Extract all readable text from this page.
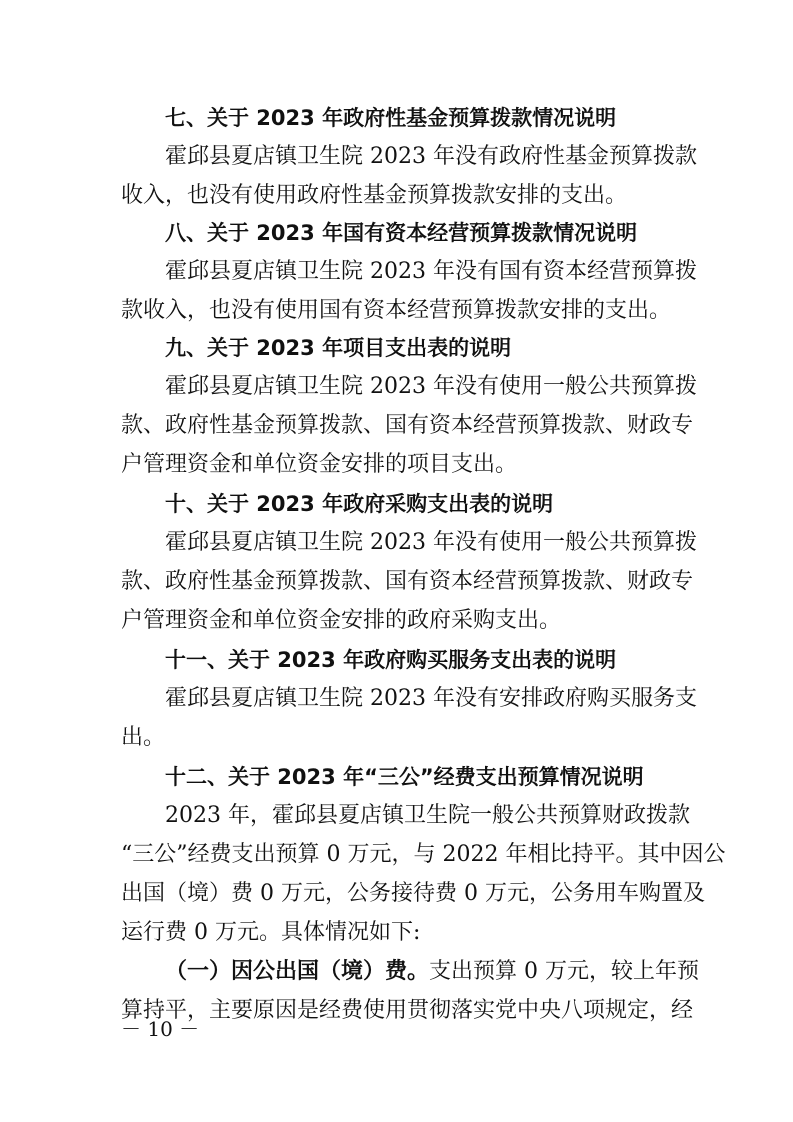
七、关于 2023 年政府性基金预算拨款情况说明

霍邱县夏店镇卫生院 2023 年没有政府性基金预算拨款

收入，也没有使用政府性基金预算拨款安排的支出。

八、关于 2023 年国有资本经营预算拨款情况说明

霍邱县夏店镇卫生院 2023 年没有国有资本经营预算拨

款收入，也没有使用国有资本经营预算拨款安排的支出。

九、关于 2023 年项目支出表的说明

霍邱县夏店镇卫生院 2023 年没有使用一般公共预算拨

款、政府性基金预算拨款、国有资本经营预算拨款、财政专

户管理资金和单位资金安排的项目支出。

十、关于 2023 年政府采购支出表的说明

霍邱县夏店镇卫生院 2023 年没有使用一般公共预算拨

款、政府性基金预算拨款、国有资本经营预算拨款、财政专

户管理资金和单位资金安排的政府采购支出。

十一、关于 2023 年政府购买服务支出表的说明

霍邱县夏店镇卫生院 2023 年没有安排政府购买服务支

出。

十二、关于 2023 年“三公”经费支出预算情况说明

2023 年，霍邱县夏店镇卫生院一般公共预算财政拨款

“三公”经费支出预算 0 万元，与 2022 年相比持平。其中因公

出国（境）费 0 万元，公务接待费 0 万元，公务用车购置及

运行费 0 万元。具体情况如下:

（一）因公出国（境）费。支出预算 0 万元，较上年预

算持平，主要原因是经费使用贯彻落实党中央八项规定，经

－ 10 －
